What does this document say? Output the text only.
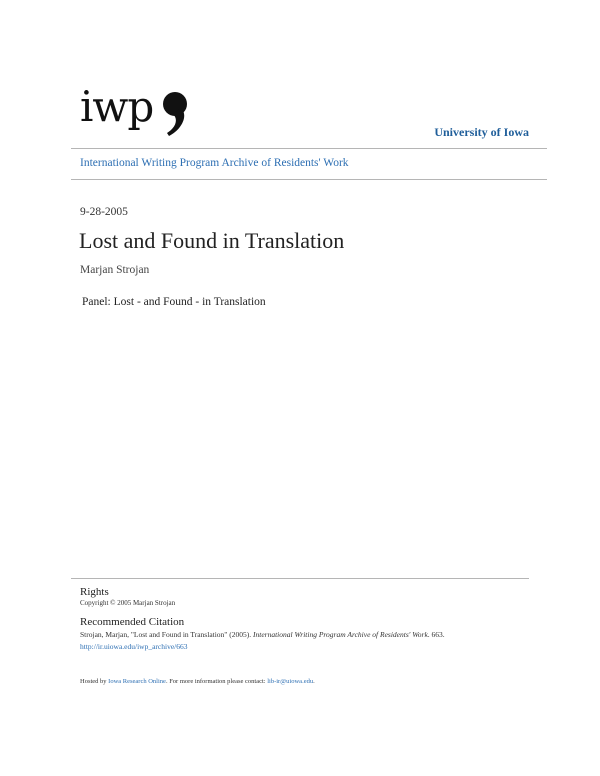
iwp
University of Iowa
International Writing Program Archive of Residents' Work
9-28-2005
Lost and Found in Translation
Marjan Strojan
Panel: Lost - and Found - in Translation
Rights
Copyright © 2005 Marjan Strojan
Recommended Citation
Strojan, Marjan, "Lost and Found in Translation" (2005). International Writing Program Archive of Residents' Work. 663.
http://ir.uiowa.edu/iwp_archive/663
Hosted by Iowa Research Online. For more information please contact: lib-ir@uiowa.edu.
